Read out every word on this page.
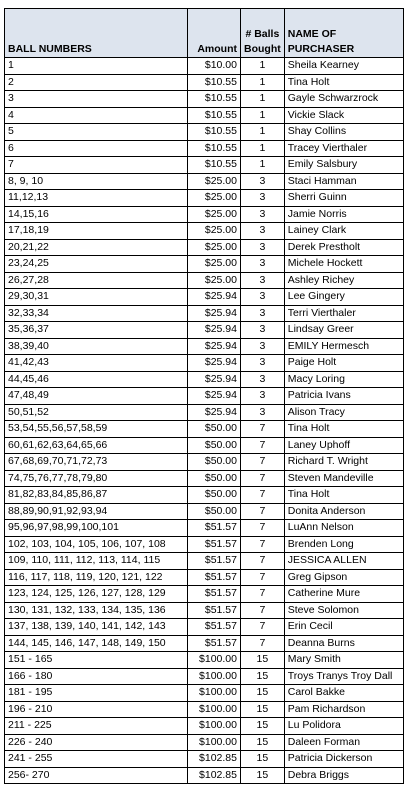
BALL NUMBERS	Amount	# Balls Bought	NAME OF PURCHASER
1	$10.00	1	Sheila Kearney
2	$10.55	1	Tina Holt
3	$10.55	1	Gayle Schwarzrock
4	$10.55	1	Vickie Slack
5	$10.55	1	Shay Collins
6	$10.55	1	Tracey Vierthaler
7	$10.55	1	Emily Salsbury
8, 9, 10	$25.00	3	Staci Hamman
11,12,13	$25.00	3	Sherri Guinn
14,15,16	$25.00	3	Jamie Norris
17,18,19	$25.00	3	Lainey Clark
20,21,22	$25.00	3	Derek Prestholt
23,24,25	$25.00	3	Michele Hockett
26,27,28	$25.00	3	Ashley Richey
29,30,31	$25.94	3	Lee Gingery
32,33,34	$25.94	3	Terri Vierthaler
35,36,37	$25.94	3	Lindsay Greer
38,39,40	$25.94	3	EMILY Hermesch
41,42,43	$25.94	3	Paige Holt
44,45,46	$25.94	3	Macy Loring
47,48,49	$25.94	3	Patricia Ivans
50,51,52	$25.94	3	Alison Tracy
53,54,55,56,57,58,59	$50.00	7	Tina Holt
60,61,62,63,64,65,66	$50.00	7	Laney Uphoff
67,68,69,70,71,72,73	$50.00	7	Richard T. Wright
74,75,76,77,78,79,80	$50.00	7	Steven Mandeville
81,82,83,84,85,86,87	$50.00	7	Tina Holt
88,89,90,91,92,93,94	$50.00	7	Donita Anderson
95,96,97,98,99,100,101	$51.57	7	LuAnn Nelson
102, 103, 104, 105, 106, 107, 108	$51.57	7	Brenden Long
109, 110, 111, 112, 113, 114, 115	$51.57	7	JESSICA ALLEN
116, 117, 118, 119, 120, 121, 122	$51.57	7	Greg Gipson
123, 124, 125, 126, 127, 128, 129	$51.57	7	Catherine Mure
130, 131, 132, 133, 134, 135, 136	$51.57	7	Steve Solomon
137, 138, 139, 140, 141, 142, 143	$51.57	7	Erin Cecil
144, 145, 146, 147, 148, 149, 150	$51.57	7	Deanna Burns
151 - 165	$100.00	15	Mary Smith
166 - 180	$100.00	15	Troys Tranys Troy Dall
181 - 195	$100.00	15	Carol Bakke
196 - 210	$100.00	15	Pam Richardson
211 - 225	$100.00	15	Lu Polidora
226 - 240	$100.00	15	Daleen Forman
241 - 255	$102.85	15	Patricia Dickerson
256- 270	$102.85	15	Debra Briggs
